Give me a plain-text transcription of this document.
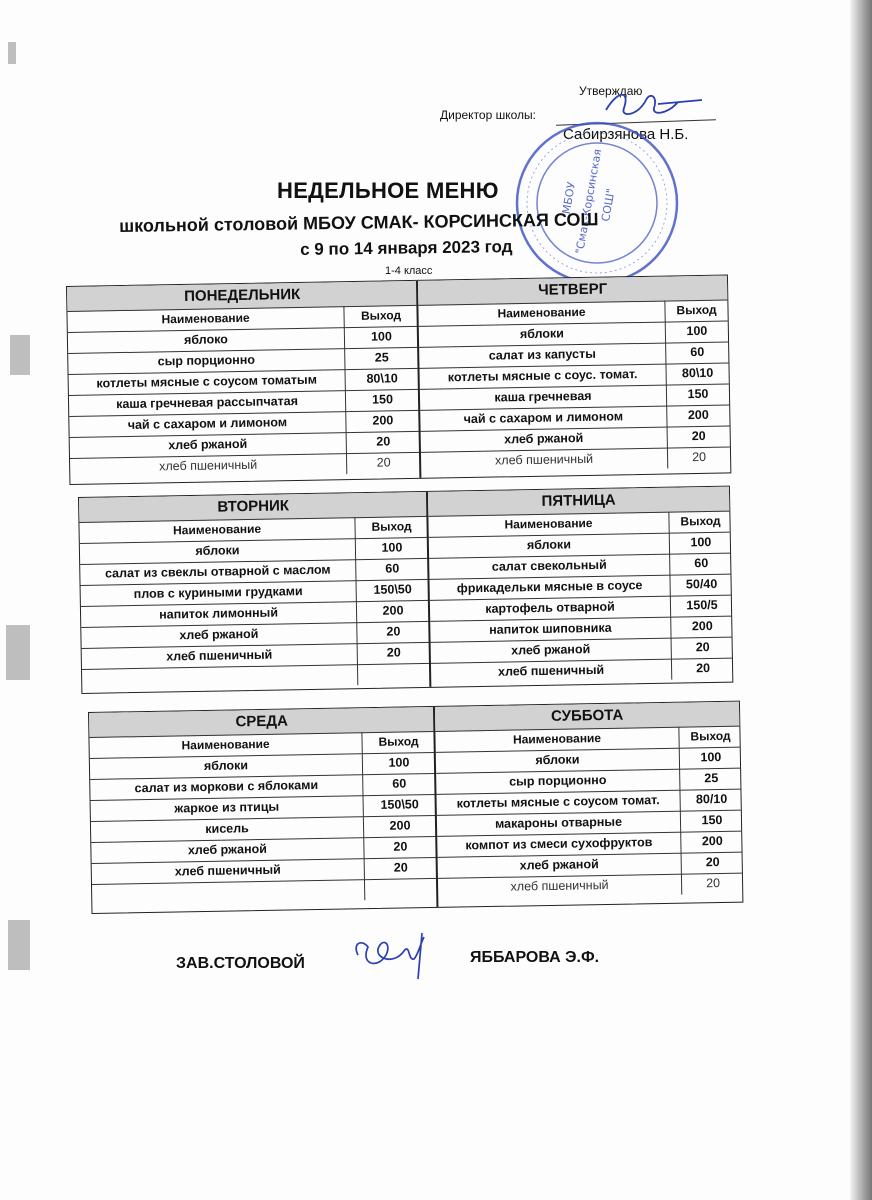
Утверждаю
Директор школы:
Сабирзянова Н.Б.
МБОУ
"Смак-Корсинская
СОШ"
НЕДЕЛЬНОЕ МЕНЮ
школьной столовой МБОУ СМАК- КОРСИНСКАЯ СОШ
с 9 по 14 января 2023 год
1-4 класс
ПОНЕДЕЛЬНИК
Наименование	Выход
яблоко	100
сыр порционно	25
котлеты мясные с соусом томатым	80\10
каша гречневая рассыпчатая	150
чай с сахаром и лимоном	200
хлеб ржаной	20
хлеб пшеничный	20
ЧЕТВЕРГ
Наименование	Выход
яблоки	100
салат из капусты	60
котлеты мясные с соус. томат.	80\10
каша гречневая	150
чай с сахаром и лимоном	200
хлеб ржаной	20
хлеб пшеничный	20
ВТОРНИК
Наименование	Выход
яблоки	100
салат из свеклы отварной с маслом	60
плов с куриными грудками	150\50
напиток лимонный	200
хлеб ржаной	20
хлеб пшеничный	20
ПЯТНИЦА
Наименование	Выход
яблоки	100
салат свекольный	60
фрикадельки мясные в соусе	50/40
картофель отварной	150/5
напиток шиповника	200
хлеб ржаной	20
хлеб пшеничный	20
СРЕДА
Наименование	Выход
яблоки	100
салат из моркови с яблоками	60
жаркое из птицы	150\50
кисель	200
хлеб ржаной	20
хлеб пшеничный	20
СУББОТА
Наименование	Выход
яблоки	100
сыр порционно	25
котлеты мясные с соусом томат.	80/10
макароны отварные	150
компот из смеси сухофруктов	200
хлеб ржаной	20
хлеб пшеничный	20
ЗАВ.СТОЛОВОЙ	ЯББАРОВА Э.Ф.
